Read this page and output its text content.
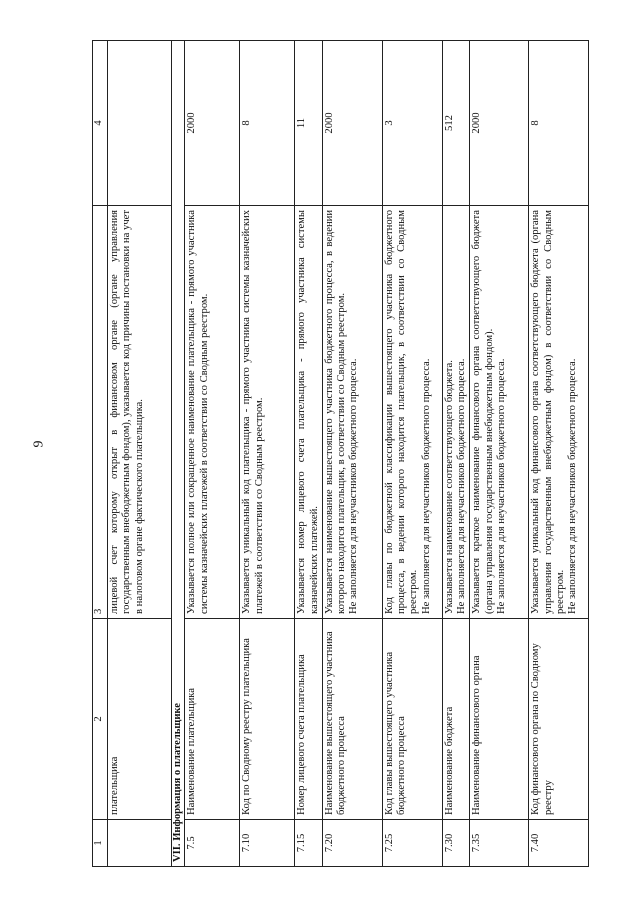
9
1	2	3	4
	плательщика	лицевой счет которому открыт в финансовом органе (органе управления государственным внебюджетным фондом), указывается код причины постановки на учет в налоговом органе фактического плательщика.	

VII. Информация о плательщике			
7.5	Наименование плательщика	Указывается полное или сокращенное наименование плательщика - прямого участника системы казначейских платежей в соответствии со Сводным реестром.	2000
7.10	Код по Сводному реестру плательщика	Указывается уникальный код плательщика - прямого участника системы казначейских платежей в соответствии со Сводным реестром.	8
7.15	Номер лицевого счета плательщика	Указывается номер лицевого счета плательщика - прямого участника системы казначейских платежей.	11
7.20	Наименование вышестоящего участника бюджетного процесса	Указывается наименование вышестоящего участника бюджетного процесса, в ведении которого находится плательщик, в соответствии со Сводным реестром. Не заполняется для неучастников бюджетного процесса.	2000
7.25	Код главы вышестоящего участника бюджетного процесса	Код главы по бюджетной классификации вышестоящего участника бюджетного процесса, в ведении которого находится плательщик, в соответствии со Сводным реестром. Не заполняется для неучастников бюджетного процесса.	3
7.30	Наименование бюджета	Указывается наименование соответствующего бюджета. Не заполняется для неучастников бюджетного процесса.	512
7.35	Наименование финансового органа	Указывается краткое наименование финансового органа соответствующего бюджета (органа управления государственным внебюджетным фондом). Не заполняется для неучастников бюджетного процесса.	2000
7.40	Код финансового органа по Сводному реестру	Указывается уникальный код финансового органа соответствующего бюджета (органа управления государственным внебюджетным фондом) в соответствии со Сводным реестром. Не заполняется для неучастников бюджетного процесса.	8
